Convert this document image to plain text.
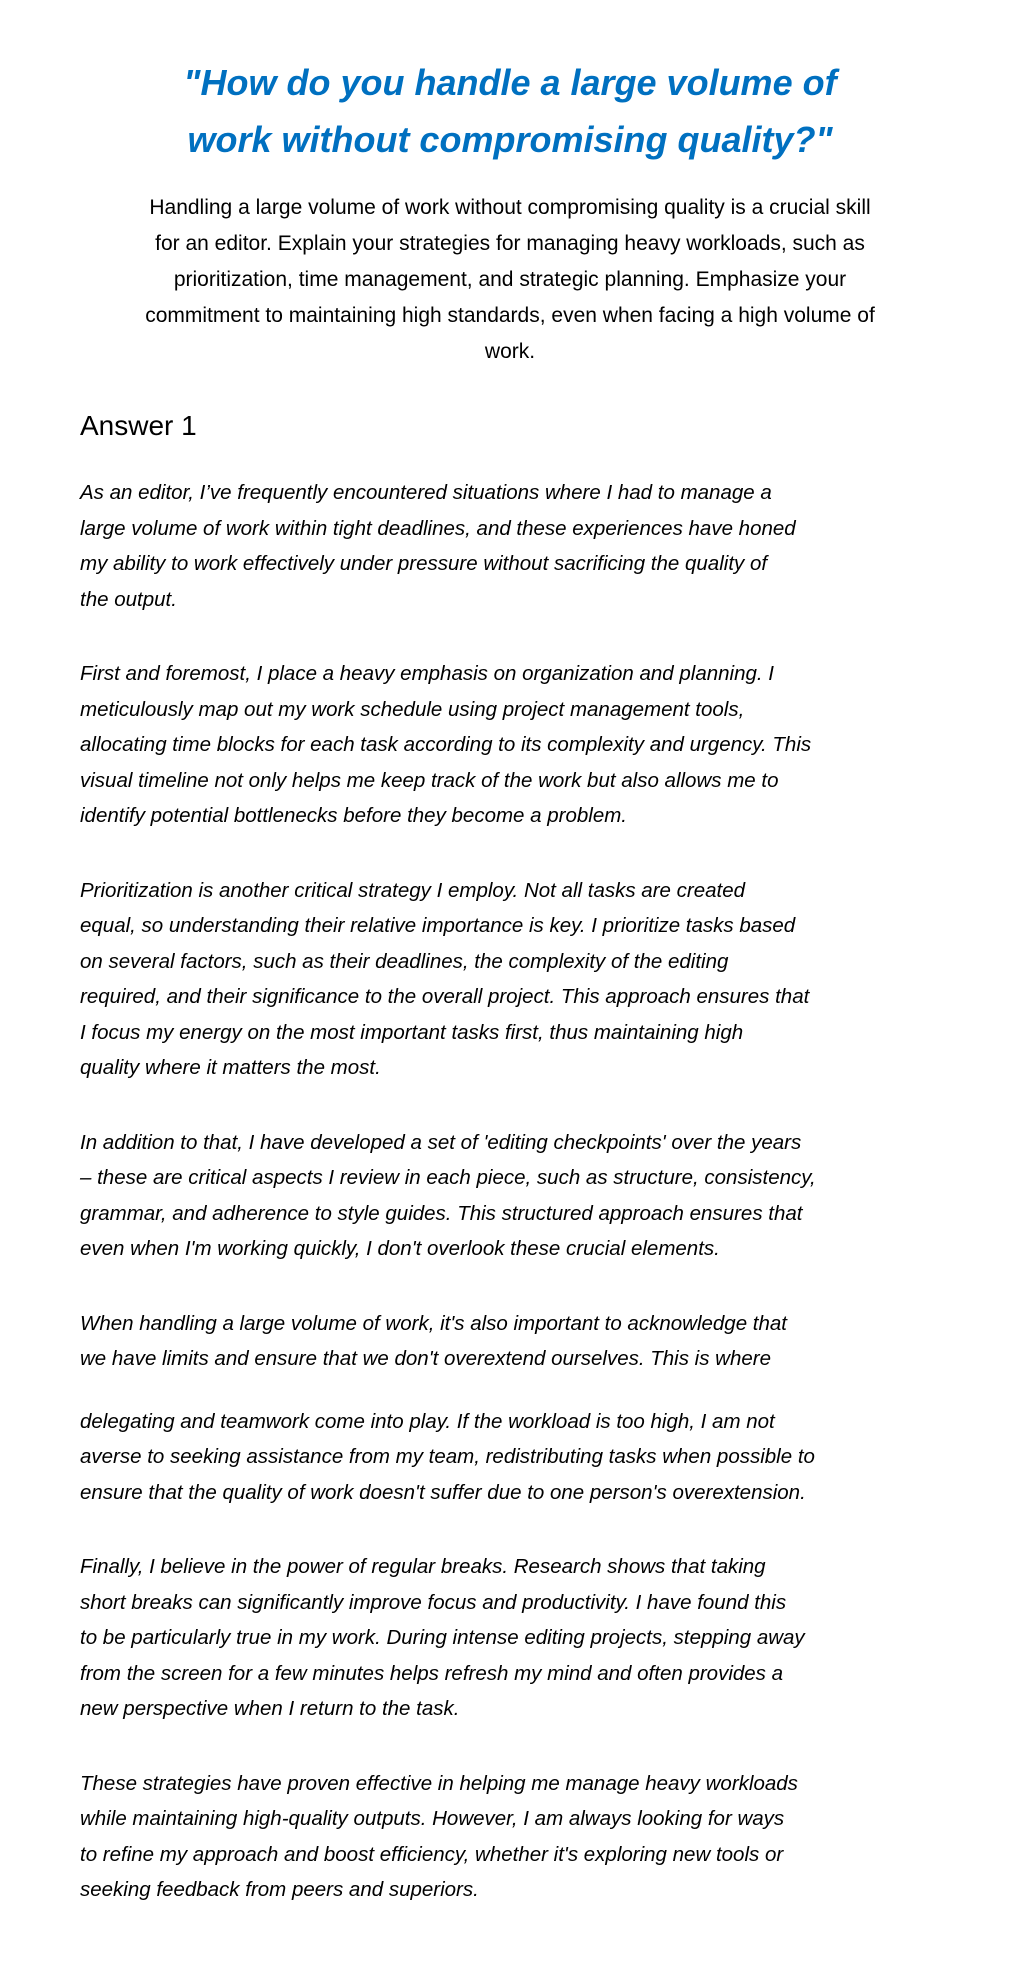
"How do you handle a large volume of
work without compromising quality?"
Handling a large volume of work without compromising quality is a crucial skill
for an editor. Explain your strategies for managing heavy workloads, such as
prioritization, time management, and strategic planning. Emphasize your
commitment to maintaining high standards, even when facing a high volume of
work.
Answer 1

As an editor, I’ve frequently encountered situations where I had to manage a
large volume of work within tight deadlines, and these experiences have honed
my ability to work effectively under pressure without sacrificing the quality of
the output.

First and foremost, I place a heavy emphasis on organization and planning. I
meticulously map out my work schedule using project management tools,
allocating time blocks for each task according to its complexity and urgency. This
visual timeline not only helps me keep track of the work but also allows me to
identify potential bottlenecks before they become a problem.

Prioritization is another critical strategy I employ. Not all tasks are created
equal, so understanding their relative importance is key. I prioritize tasks based
on several factors, such as their deadlines, the complexity of the editing
required, and their significance to the overall project. This approach ensures that
I focus my energy on the most important tasks first, thus maintaining high
quality where it matters the most.

In addition to that, I have developed a set of 'editing checkpoints' over the years
– these are critical aspects I review in each piece, such as structure, consistency,
grammar, and adherence to style guides. This structured approach ensures that
even when I'm working quickly, I don't overlook these crucial elements.

When handling a large volume of work, it's also important to acknowledge that
we have limits and ensure that we don't overextend ourselves. This is where

delegating and teamwork come into play. If the workload is too high, I am not
averse to seeking assistance from my team, redistributing tasks when possible to
ensure that the quality of work doesn't suffer due to one person's overextension.

Finally, I believe in the power of regular breaks. Research shows that taking
short breaks can significantly improve focus and productivity. I have found this
to be particularly true in my work. During intense editing projects, stepping away
from the screen for a few minutes helps refresh my mind and often provides a
new perspective when I return to the task.

These strategies have proven effective in helping me manage heavy workloads
while maintaining high-quality outputs. However, I am always looking for ways
to refine my approach and boost efficiency, whether it's exploring new tools or
seeking feedback from peers and superiors.
